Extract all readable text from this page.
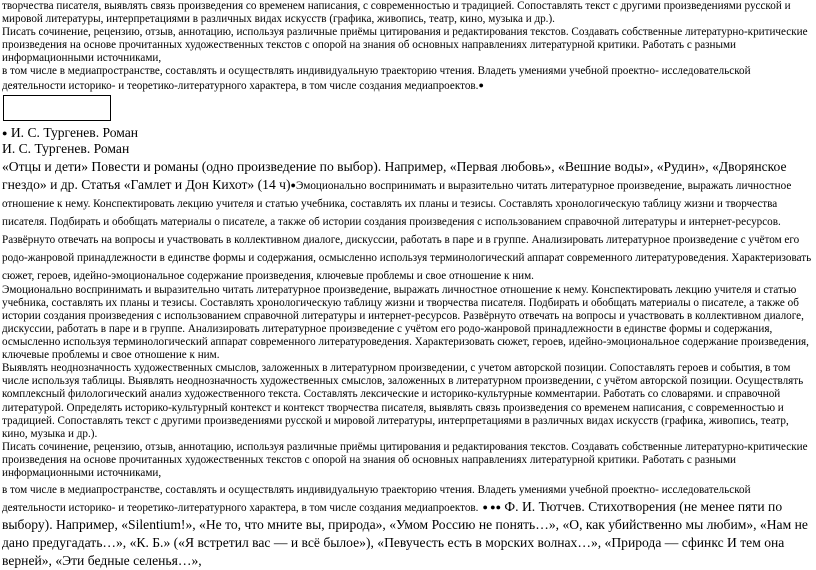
творчества писателя, выявлять связь произведения со временем написания, с современностью и традицией. Сопоставлять текст с другими произведениями русской и мировой литературы, интерпретациями в различных видах искусств (графика, живопись, театр, кино, музыка и др.).

Писать сочинение, рецензию, отзыв, аннотацию, используя различные приёмы цитирования и редактирования текстов. Создавать собственные литературно-критические произведения на основе прочитанных художественных текстов с опорой на знания об основных направлениях литературной критики. Работать с разными информационными источниками,

в том числе в медиапространстве, составлять и осуществлять индивидуальную траекторию чтения. Владеть умениями учебной проектно- исследовательской деятельности историко- и теоретико-литературного характера, в том числе создания медиапроектов.●

● И. С. Тургенев. Роман

И. С. Тургенев. Роман

«Отцы и дети» Повести и романы (одно произведение по выбор). Например, «Первая любовь», «Вешние воды», «Рудин», «Дворянское гнездо» и др. Статья «Гамлет и Дон Кихот» (14 ч)●

Эмоционально воспринимать и выразительно читать литературное произведение, выражать личностное отношение к нему. Конспектировать лекцию учителя и статью учебника, составлять их планы и тезисы. Составлять хронологическую таблицу жизни и творчества писателя. Подбирать и обобщать материалы о писателе, а также об истории создания произведения с использованием справочной литературы и интернет-ресурсов. Развёрнуто отвечать на вопросы и участвовать в коллективном диалоге, дискуссии, работать в паре и в группе. Анализировать литературное произведение с учётом его родо-жанровой принадлежности в единстве формы и содержания, осмысленно используя терминологический аппарат современного литературоведения. Характеризовать сюжет, героев, идейно-эмоциональное содержание произведения, ключевые проблемы и свое отношение к ним.

Эмоционально воспринимать и выразительно читать литературное произведение, выражать личностное отношение к нему. Конспектировать лекцию учителя и статью учебника, составлять их планы и тезисы. Составлять хронологическую таблицу жизни и творчества писателя. Подбирать и обобщать материалы о писателе, а также об истории создания произведения с использованием справочной литературы и интернет-ресурсов. Развёрнуто отвечать на вопросы и участвовать в коллективном диалоге, дискуссии, работать в паре и в группе. Анализировать литературное произведение с учётом его родо-жанровой принадлежности в единстве формы и содержания, осмысленно используя терминологический аппарат современного литературоведения. Характеризовать сюжет, героев, идейно-эмоциональное содержание произведения, ключевые проблемы и свое отношение к ним.

Выявлять неоднозначность художественных смыслов, заложенных в литературном произведении, с учетом авторской позиции. Сопоставлять героев и события, в том числе используя таблицы. Выявлять неоднозначность художественных смыслов, заложенных в литературном произведении, с учётом авторской позиции. Осуществлять комплексный филологический анализ художественного текста. Составлять лексические и историко-культурные комментарии. Работать со словарями. и справочной литературой. Определять историко-культурный контекст и контекст творчества писателя, выявлять связь произведения со временем написания, с современностью и традицией. Сопоставлять текст с другими произведениями русской и мировой литературы, интерпретациями в различных видах искусств (графика, живопись, театр, кино, музыка и др.).

Писать сочинение, рецензию, отзыв, аннотацию, используя различные приёмы цитирования и редактирования текстов. Создавать собственные литературно-критические произведения на основе прочитанных художественных текстов с опорой на знания об основных направлениях литературной критики. Работать с разными информационными источниками,

в том числе в медиапространстве, составлять и осуществлять индивидуальную траекторию чтения. Владеть умениями учебной проектно- исследовательской деятельности историко- и теоретико-литературного характера, в том числе создания медиапроектов. ● ●● Ф. И. Тютчев. Стихотворения (не менее пяти по выбору). Например, «Silentium!», «Не то, что мните вы, природа», «Умом Россию не понять…», «О, как убийственно мы любим», «Нам не дано предугадать…», «К. Б.» («Я встретил вас — и всё былое»), «Певучесть есть в морских волнах…», «Природа — сфинкс И тем она верней», «Эти бедные селенья…»,
